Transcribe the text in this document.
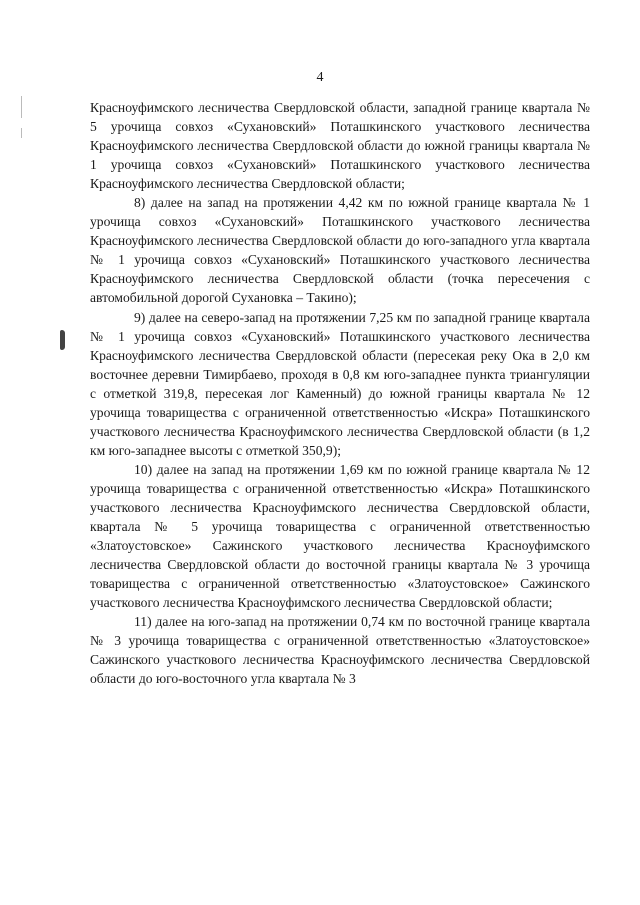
4

Красноуфимского лесничества Свердловской области, западной границе квартала № 5 урочища совхоз «Сухановский» Поташкинского участкового лесничества Красноуфимского лесничества Свердловской области до южной границы квартала № 1 урочища совхоз «Сухановский» Поташкинского участкового лесничества Красноуфимского лесничества Свердловской области;

8) далее на запад на протяжении 4,42 км по южной границе квартала № 1 урочища совхоз «Сухановский» Поташкинского участкового лесничества Красноуфимского лесничества Свердловской области до юго-западного угла квартала № 1 урочища совхоз «Сухановский» Поташкинского участкового лесничества Красноуфимского лесничества Свердловской области (точка пересечения с автомобильной дорогой Сухановка – Такино);

9) далее на северо-запад на протяжении 7,25 км по западной границе квартала № 1 урочища совхоз «Сухановский» Поташкинского участкового лесничества Красноуфимского лесничества Свердловской области (пересекая реку Ока в 2,0 км восточнее деревни Тимирбаево, проходя в 0,8 км юго-западнее пункта триангуляции с отметкой 319,8, пересекая лог Каменный) до южной границы квартала № 12 урочища товарищества с ограниченной ответственностью «Искра» Поташкинского участкового лесничества Красноуфимского лесничества Свердловской области (в 1,2 км юго-западнее высоты с отметкой 350,9);

10) далее на запад на протяжении 1,69 км по южной границе квартала № 12 урочища товарищества с ограниченной ответственностью «Искра» Поташкинского участкового лесничества Красноуфимского лесничества Свердловской области, квартала № 5 урочища товарищества с ограниченной ответственностью «Златоустовское» Сажинского участкового лесничества Красноуфимского лесничества Свердловской области до восточной границы квартала № 3 урочища товарищества с ограниченной ответственностью «Златоустовское» Сажинского участкового лесничества Красноуфимского лесничества Свердловской области;

11) далее на юго-запад на протяжении 0,74 км по восточной границе квартала № 3 урочища товарищества с ограниченной ответственностью «Златоустовское» Сажинского участкового лесничества Красноуфимского лесничества Свердловской области до юго-восточного угла квартала № 3
